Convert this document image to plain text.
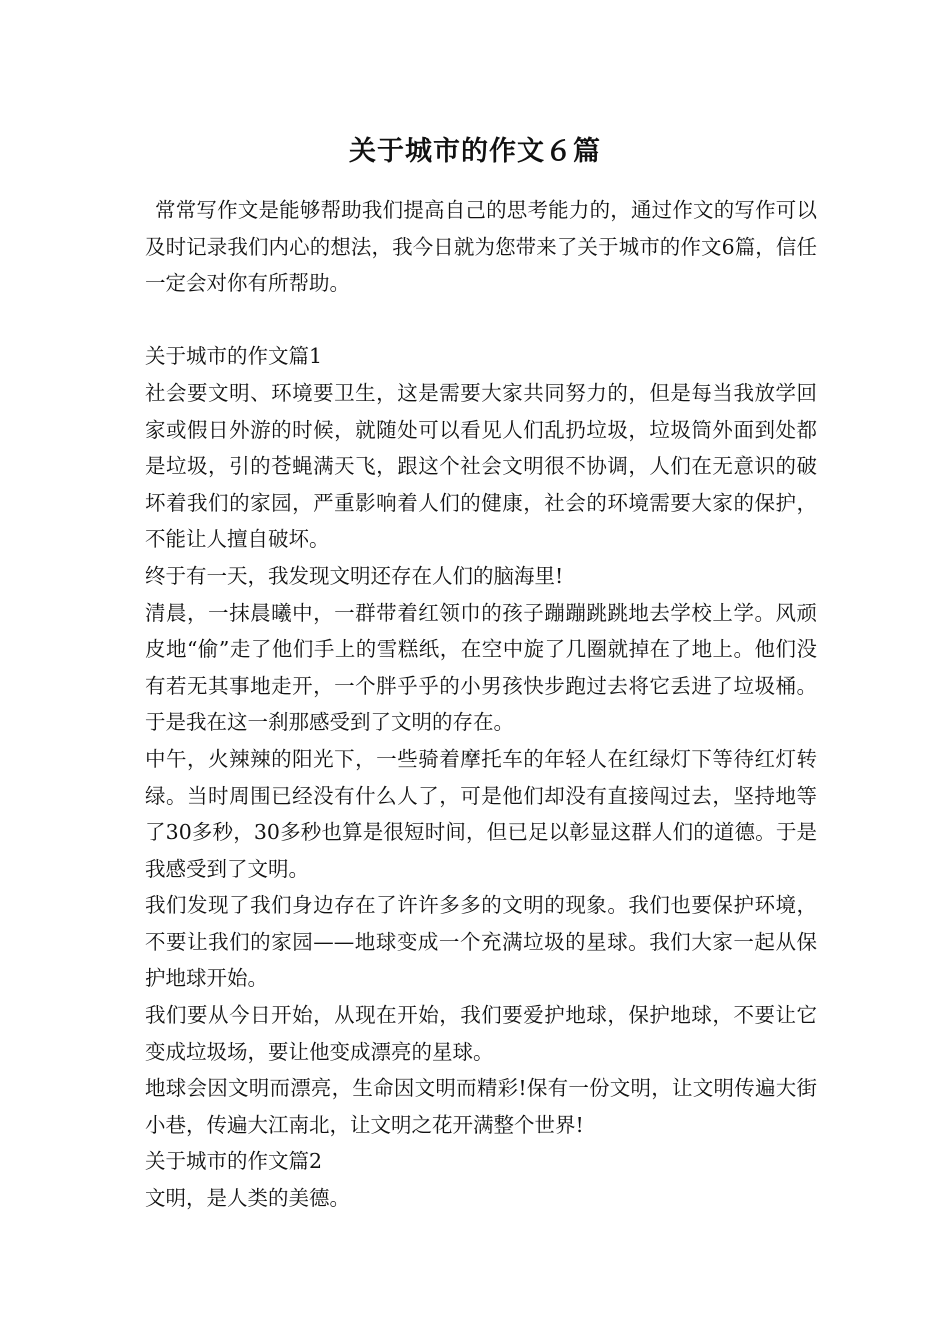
关于城市的作文６篇

常常写作文是能够帮助我们提高自己的思考能力的，通过作文的写作可以及时记录我们内心的想法，我今日就为您带来了关于城市的作文6篇，信任一定会对你有所帮助。

关于城市的作文篇1

社会要文明、环境要卫生，这是需要大家共同努力的，但是每当我放学回家或假日外游的时候，就随处可以看见人们乱扔垃圾，垃圾筒外面到处都是垃圾，引的苍蝇满天飞，跟这个社会文明很不协调，人们在无意识的破坏着我们的家园，严重影响着人们的健康，社会的环境需要大家的保护，不能让人擅自破坏。

终于有一天，我发现文明还存在人们的脑海里!

清晨，一抹晨曦中，一群带着红领巾的孩子蹦蹦跳跳地去学校上学。风顽皮地“偷”走了他们手上的雪糕纸，在空中旋了几圈就掉在了地上。他们没有若无其事地走开，一个胖乎乎的小男孩快步跑过去将它丢进了垃圾桶。于是我在这一刹那感受到了文明的存在。

中午，火辣辣的阳光下，一些骑着摩托车的年轻人在红绿灯下等待红灯转绿。当时周围已经没有什么人了，可是他们却没有直接闯过去，坚持地等了30多秒，30多秒也算是很短时间，但已足以彰显这群人们的道德。于是我感受到了文明。

我们发现了我们身边存在了许许多多的文明的现象。我们也要保护环境，不要让我们的家园——地球变成一个充满垃圾的星球。我们大家一起从保护地球开始。

我们要从今日开始，从现在开始，我们要爱护地球，保护地球，不要让它变成垃圾场，要让他变成漂亮的星球。

地球会因文明而漂亮，生命因文明而精彩!保有一份文明，让文明传遍大街小巷，传遍大江南北，让文明之花开满整个世界!

关于城市的作文篇2

文明，是人类的美德。
